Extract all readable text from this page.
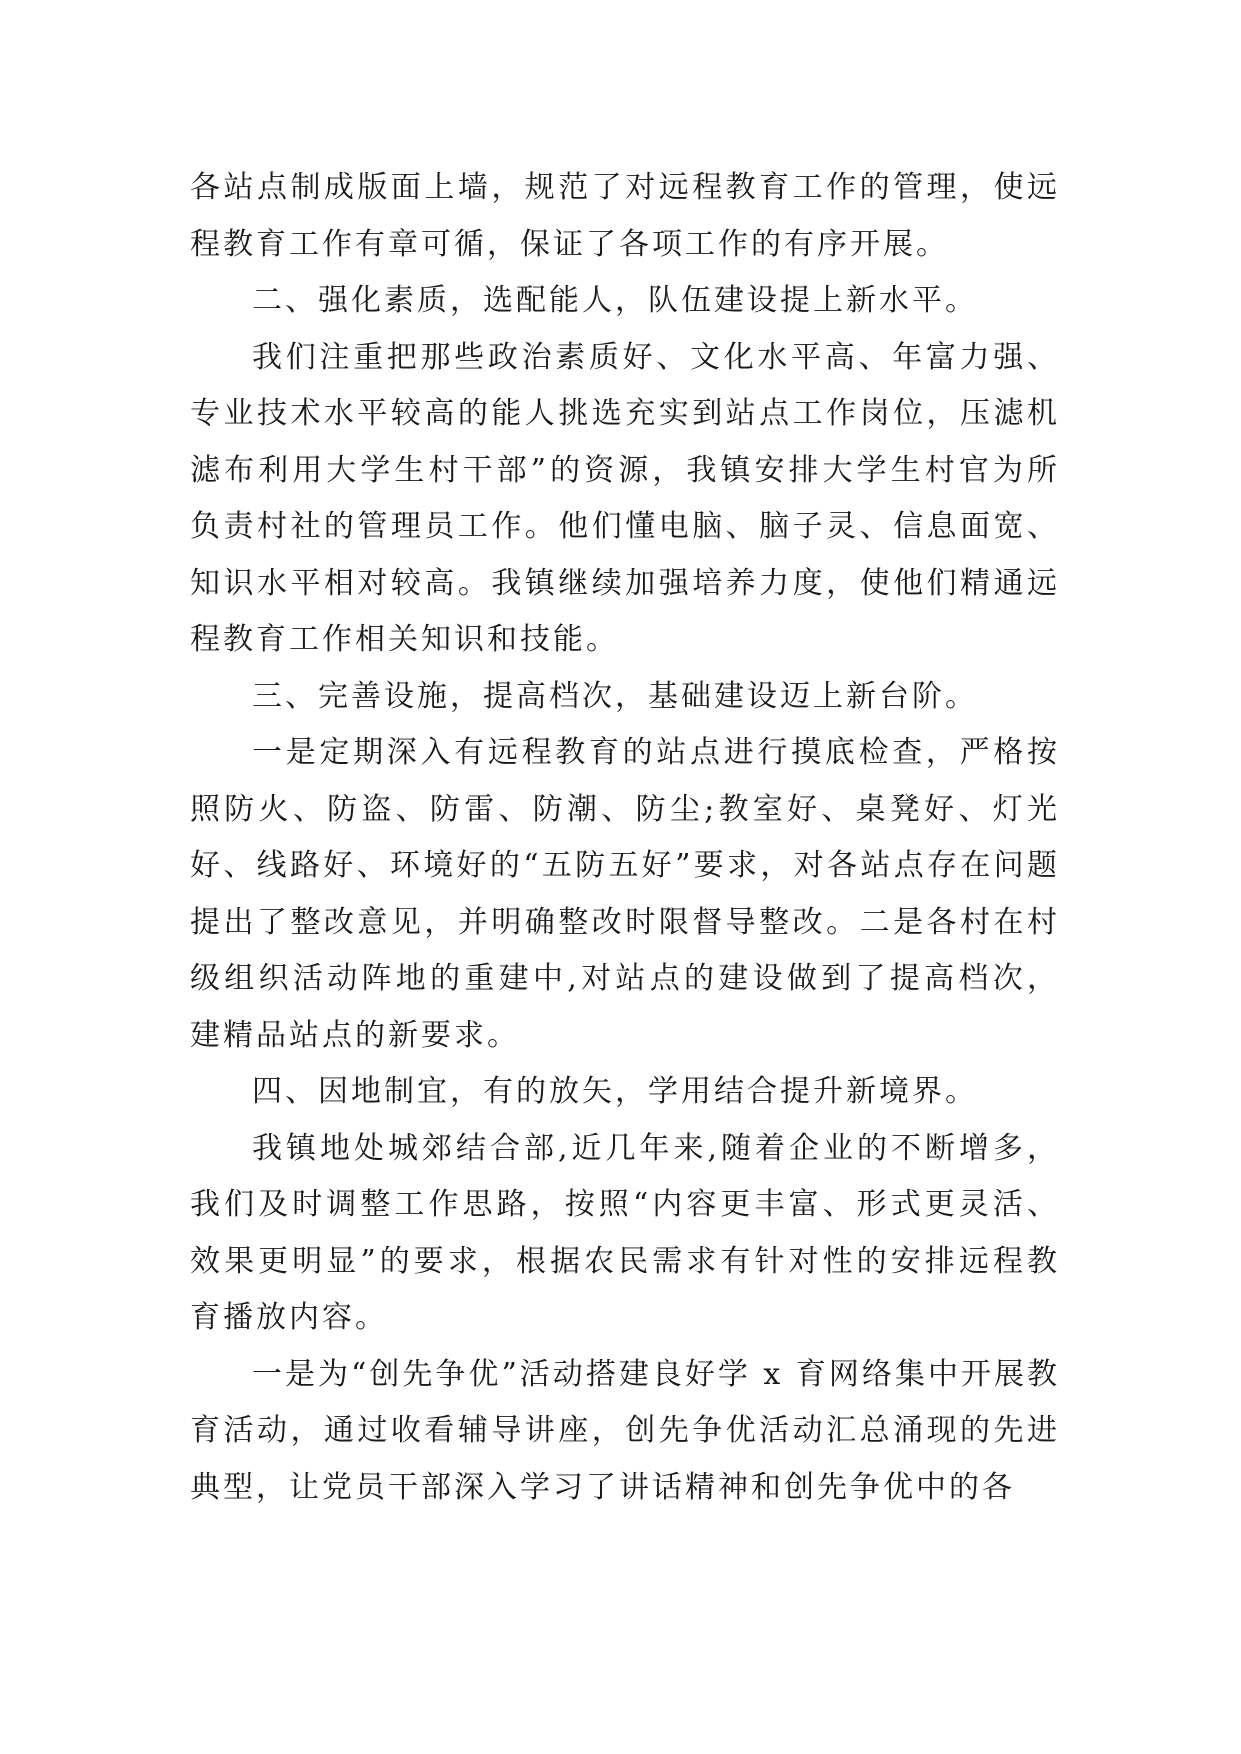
各站点制成版面上墙，规范了对远程教育工作的管理，使远程教育工作有章可循，保证了各项工作的有序开展。

二、强化素质，选配能人，队伍建设提上新水平。

我们注重把那些政治素质好、文化水平高、年富力强、专业技术水平较高的能人挑选充实到站点工作岗位，压滤机 滤布利用大学生村干部”的资源，我镇安排大学生村官为所负责村社的管理员工作。他们懂电脑、脑子灵、信息面宽、知识水平相对较高。我镇继续加强培养力度，使他们精通远程教育工作相关知识和技能。

三、完善设施，提高档次，基础建设迈上新台阶。

一是定期深入有远程教育的站点进行摸底检查，严格按照防火、防盗、防雷、防潮、防尘;教室好、桌凳好、灯光好、线路好、环境好的“五防五好”要求，对各站点存在问题提出了整改意见，并明确整改时限督导整改。二是各村在村级组织活动阵地的重建中,对站点的建设做到了提高档次，建精品站点的新要求。

四、因地制宜，有的放矢，学用结合提升新境界。

我镇地处城郊结合部,近几年来,随着企业的不断增多，我们及时调整工作思路，按照“内容更丰富、形式更灵活、效果更明显”的要求，根据农民需求有针对性的安排远程教育播放内容。

一是为“创先争优”活动搭建良好学 x 育网络集中开展教育活动，通过收看辅导讲座，创先争优活动汇总涌现的先进典型，让党员干部深入学习了讲话精神和创先争优中的各
